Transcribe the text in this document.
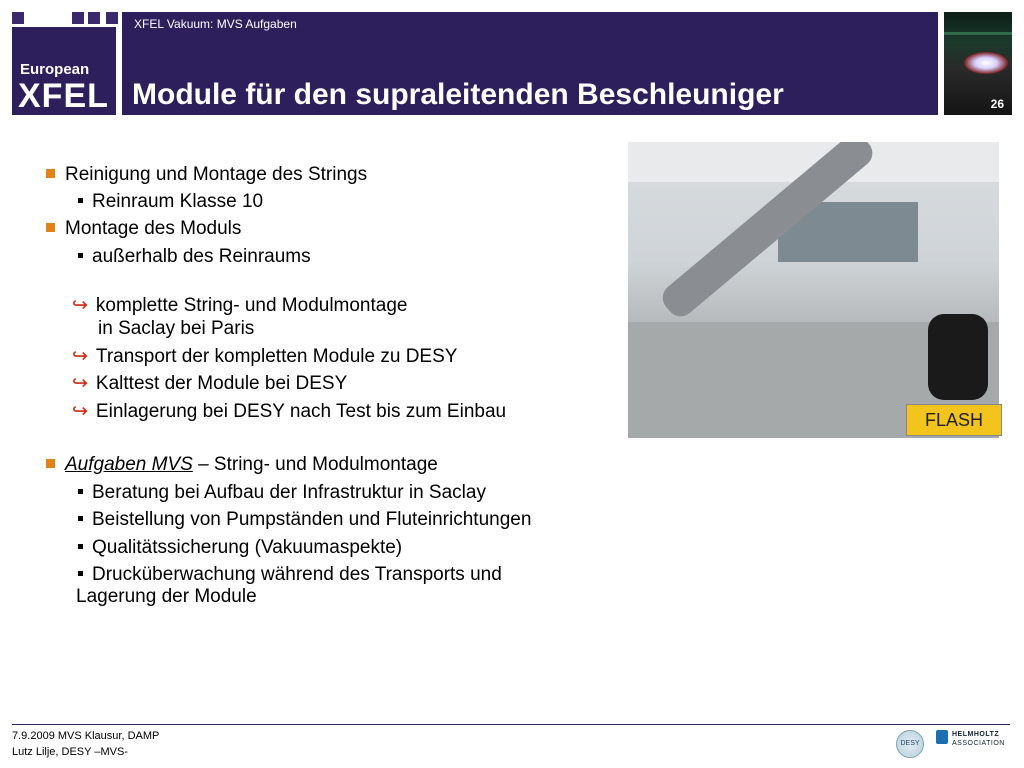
European
XFEL
XFEL Vakuum: MVS Aufgaben
Module für den supraleitenden Beschleuniger	26
Reinigung und Montage des Strings
Reinraum Klasse 10
Montage des Moduls
außerhalb des Reinraums
↪ komplette String- und Modulmontage
in Saclay bei Paris
↪ Transport der kompletten Module zu DESY
↪ Kalttest der Module bei DESY
↪ Einlagerung bei DESY nach Test bis zum Einbau
Aufgaben MVS – String- und Modulmontage
Beratung bei Aufbau der Infrastruktur in Saclay
Beistellung von Pumpständen und Fluteinrichtungen
Qualitätssicherung (Vakuumaspekte)
Drucküberwachung während des Transports und
Lagerung der Module
FLASH
7.9.2009 MVS Klausur, DAMP
Lutz Lilje, DESY –MVS-
DESY
HELMHOLTZ
ASSOCIATION
